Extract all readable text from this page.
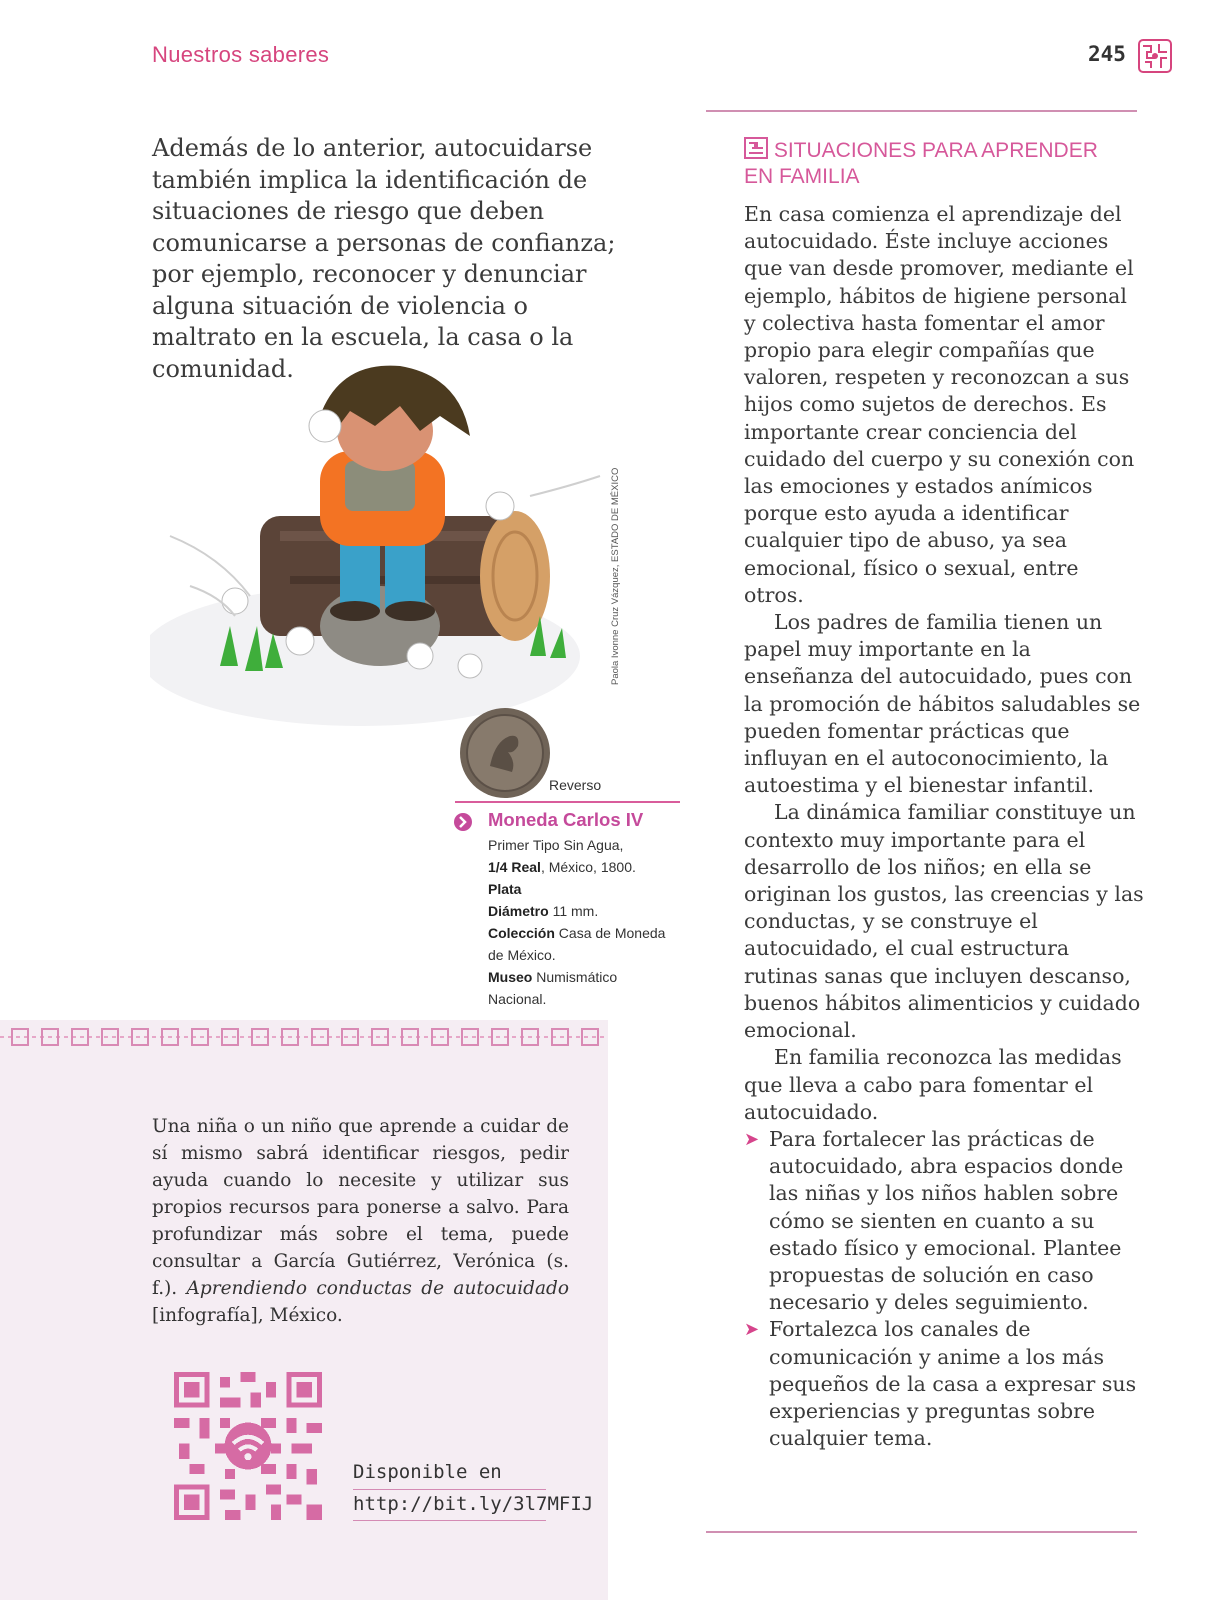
Nuestros saberes	245

Además de lo anterior, autocuidarse también implica la identificación de situaciones de riesgo que deben comunicarse a personas de confianza; por ejemplo, reconocer y denunciar alguna situación de violencia o maltrato en la escuela, la casa o la comunidad.

Paola Ivonne Cruz Vázquez, ESTADO DE MÉXICO
Reverso
Moneda Carlos IV
Primer Tipo Sin Agua,
1/4 Real, México, 1800.
Plata
Diámetro 11 mm.
Colección Casa de Moneda de México.
Museo Numismático Nacional.

Una niña o un niño que aprende a cuidar de sí mismo sabrá identificar riesgos, pedir ayuda cuando lo necesite y utilizar sus propios recursos para ponerse a salvo. Para profundizar más sobre el tema, puede consultar a García Gutiérrez, Verónica (s. f.). Aprendiendo conductas de autocuidado [infografía], México.

Disponible en
http://bit.ly/3l7MFIJ
SITUACIONES PARA APRENDER EN FAMILIA

En casa comienza el aprendizaje del autocuidado. Éste incluye acciones que van desde promover, mediante el ejemplo, hábitos de higiene personal y colectiva hasta fomentar el amor propio para elegir compañías que valoren, respeten y reconozcan a sus hijos como sujetos de derechos. Es importante crear conciencia del cuidado del cuerpo y su conexión con las emociones y estados anímicos porque esto ayuda a identificar cualquier tipo de abuso, ya sea emocional, físico o sexual, entre otros.

Los padres de familia tienen un papel muy importante en la enseñanza del autocuidado, pues con la promoción de hábitos saludables se pueden fomentar prácticas que influyan en el autoconocimiento, la autoestima y el bienestar infantil.

La dinámica familiar constituye un contexto muy importante para el desarrollo de los niños; en ella se originan los gustos, las creencias y las conductas, y se construye el autocuidado, el cual estructura rutinas sanas que incluyen descanso, buenos hábitos alimenticios y cuidado emocional.

En familia reconozca las medidas que lleva a cabo para fomentar el autocuidado.

➤ Para fortalecer las prácticas de autocuidado, abra espacios donde las niñas y los niños hablen sobre cómo se sienten en cuanto a su estado físico y emocional. Plantee propuestas de solución en caso necesario y deles seguimiento.
➤ Fortalezca los canales de comunicación y anime a los más pequeños de la casa a expresar sus experiencias y preguntas sobre cualquier tema.
